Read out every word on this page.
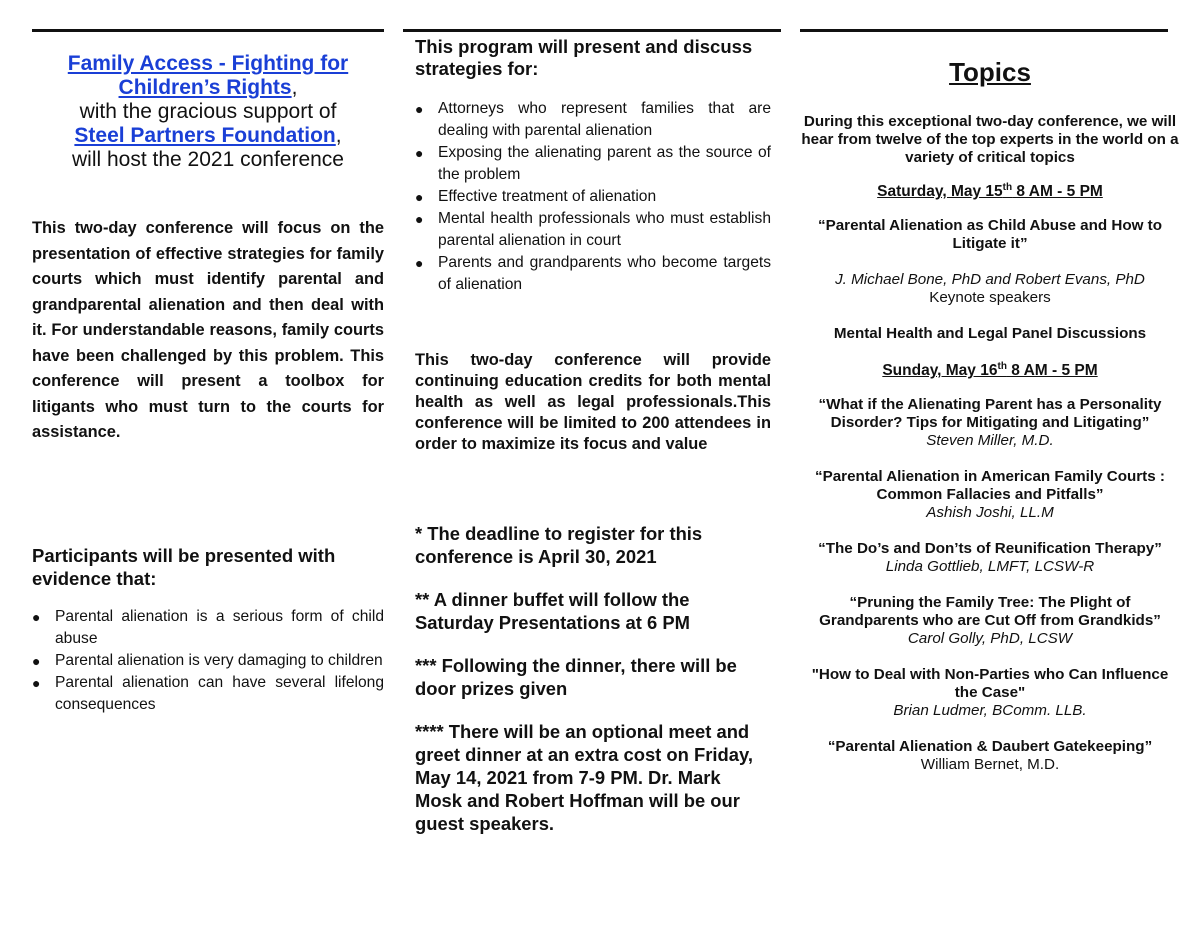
Family Access - Fighting for Children’s Rights,
with the gracious support of
Steel Partners Foundation,
will host the 2021 conference
This two-day conference will focus on the presentation of effective strategies for family courts which must identify parental and grandparental alienation and then deal with it. For understandable reasons, family courts have been challenged by this problem. This conference will present a toolbox for litigants who must turn to the courts for assistance.
Participants will be presented with evidence that:
● Parental alienation is a serious form of child abuse
● Parental alienation is very damaging to children
● Parental alienation can have several lifelong consequences
This program will present and discuss strategies for:
● Attorneys who represent families that are dealing with parental alienation
● Exposing the alienating parent as the source of the problem
● Effective treatment of alienation
● Mental health professionals who must establish parental alienation in court
● Parents and grandparents who become targets of alienation
This two-day conference will provide continuing education credits for both mental health as well as legal professionals.This conference will be limited to 200 attendees in order to maximize its focus and value

* The deadline to register for this conference is April 30, 2021

** A dinner buffet will follow the Saturday Presentations at 6 PM

*** Following the dinner, there will be door prizes given

**** There will be an optional meet and greet dinner at an extra cost on Friday, May 14, 2021 from 7-9 PM. Dr. Mark Mosk and Robert Hoffman will be our guest speakers.

Topics
During this exceptional two-day conference, we will hear from twelve of the top experts in the world on a variety of critical topics
Saturday, May 15th 8 AM - 5 PM
“Parental Alienation as Child Abuse and How to Litigate it”
J. Michael Bone, PhD and Robert Evans, PhD
Keynote speakers
Mental Health and Legal Panel Discussions
Sunday, May 16th 8 AM - 5 PM
“What if the Alienating Parent has a Personality Disorder? Tips for Mitigating and Litigating”
Steven Miller, M.D.
“Parental Alienation in American Family Courts : Common Fallacies and Pitfalls”
Ashish Joshi, LL.M
“The Do’s and Don’ts of Reunification Therapy”
Linda Gottlieb, LMFT, LCSW-R
“Pruning the Family Tree: The Plight of Grandparents who are Cut Off from Grandkids”
Carol Golly, PhD, LCSW
"How to Deal with Non-Parties who Can Influence the Case"
Brian Ludmer, BComm. LLB.
“Parental Alienation & Daubert Gatekeeping”
William Bernet, M.D.
